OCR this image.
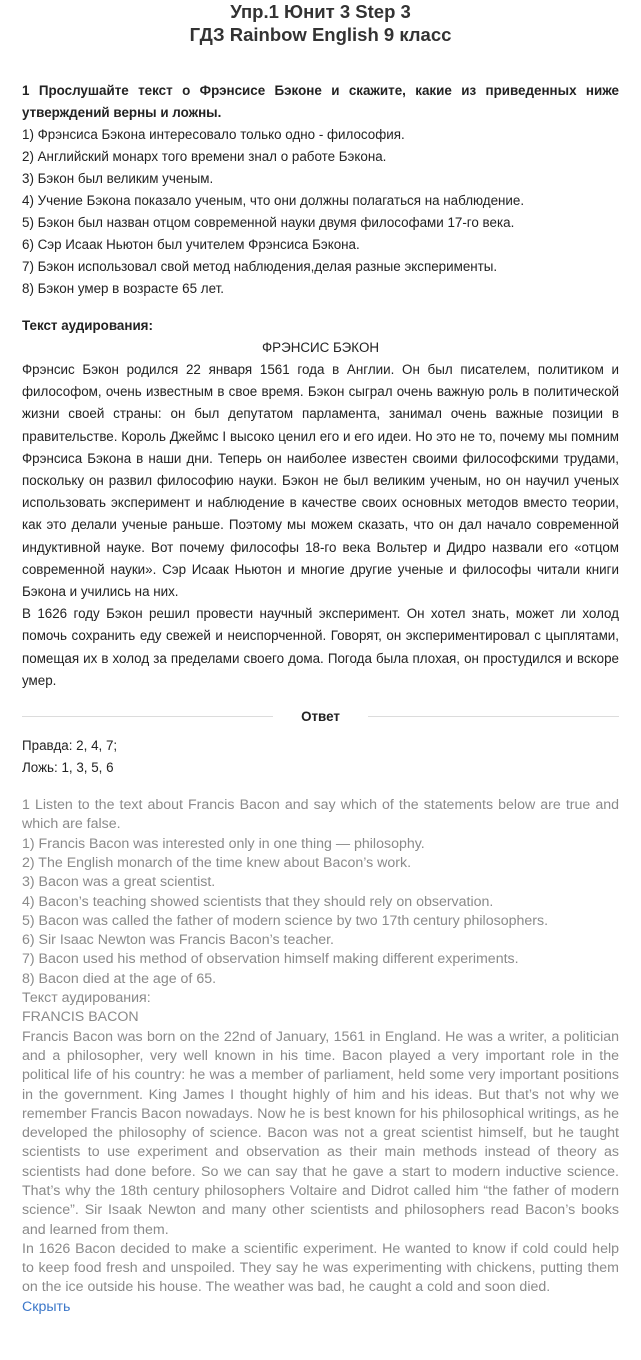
Упр.1 Юнит 3 Step 3
ГДЗ Rainbow English 9 класс
1 Прослушайте текст о Фрэнсисе Бэконе и скажите, какие из приведенных ниже утверждений верны и ложны.
1) Фрэнсиса Бэкона интересовало только одно - философия.
2) Английский монарх того времени знал о работе Бэкона.
3) Бэкон был великим ученым.
4) Учение Бэкона показало ученым, что они должны полагаться на наблюдение.
5) Бэкон был назван отцом современной науки двумя философами 17-го века.
6) Сэр Исаак Ньютон был учителем Фрэнсиса Бэкона.
7) Бэкон использовал свой метод наблюдения,делая разные эксперименты.
8) Бэкон умер в возрасте 65 лет.
Текст аудирования:
ФРЭНСИС БЭКОН

Фрэнсис Бэкон родился 22 января 1561 года в Англии. Он был писателем, политиком и философом, очень известным в свое время. Бэкон сыграл очень важную роль в политической жизни своей страны: он был депутатом парламента, занимал очень важные позиции в правительстве. Король Джеймс I высоко ценил его и его идеи. Но это не то, почему мы помним Фрэнсиса Бэкона в наши дни. Теперь он наиболее известен своими философскими трудами, поскольку он развил философию науки. Бэкон не был великим ученым, но он научил ученых использовать эксперимент и наблюдение в качестве своих основных методов вместо теории, как это делали ученые раньше. Поэтому мы можем сказать, что он дал начало современной индуктивной науке. Вот почему философы 18-го века Вольтер и Дидро назвали его «отцом современной науки». Сэр Исаак Ньютон и многие другие ученые и философы читали книги Бэкона и учились на них.

В 1626 году Бэкон решил провести научный эксперимент. Он хотел знать, может ли холод помочь сохранить еду свежей и неиспорченной. Говорят, он экспериментировал с цыплятами, помещая их в холод за пределами своего дома. Погода была плохая, он простудился и вскоре умер.

Ответ
Правда: 2, 4, 7;
Ложь: 1, 3, 5, 6
1 Listen to the text about Francis Bacon and say which of the statements below are true and which are false.
1) Francis Bacon was interested only in one thing — philosophy.
2) The English monarch of the time knew about Bacon’s work.
3) Bacon was a great scientist.
4) Bacon’s teaching showed scientists that they should rely on observation.
5) Bacon was called the father of modern science by two 17th century philosophers.
6) Sir Isaac Newton was Francis Bacon’s teacher.
7) Bacon used his method of observation himself making different experiments.
8) Bacon died at the age of 65.
Текст аудирования:
FRANCIS BACON
Francis Bacon was born on the 22nd of January, 1561 in England. He was a writer, a politician and a philosopher, very well known in his time. Bacon played a very important role in the political life of his country: he was a member of parliament, held some very important positions in the government. King James I thought highly of him and his ideas. But that’s not why we remember Francis Bacon nowadays. Now he is best known for his philosophical writings, as he developed the philosophy of science. Bacon was not a great scientist himself, but he taught scientists to use experiment and observation as their main methods instead of theory as scientists had done before. So we can say that he gave a start to modern inductive science. That’s why the 18th century philosophers Voltaire and Didrot called him “the father of modern science”. Sir Isaak Newton and many other scientists and philosophers read Bacon’s books and learned from them.
In 1626 Bacon decided to make a scientific experiment. He wanted to know if cold could help to keep food fresh and unspoiled. They say he was experimenting with chickens, putting them on the ice outside his house. The weather was bad, he caught a cold and soon died.
Скрыть
